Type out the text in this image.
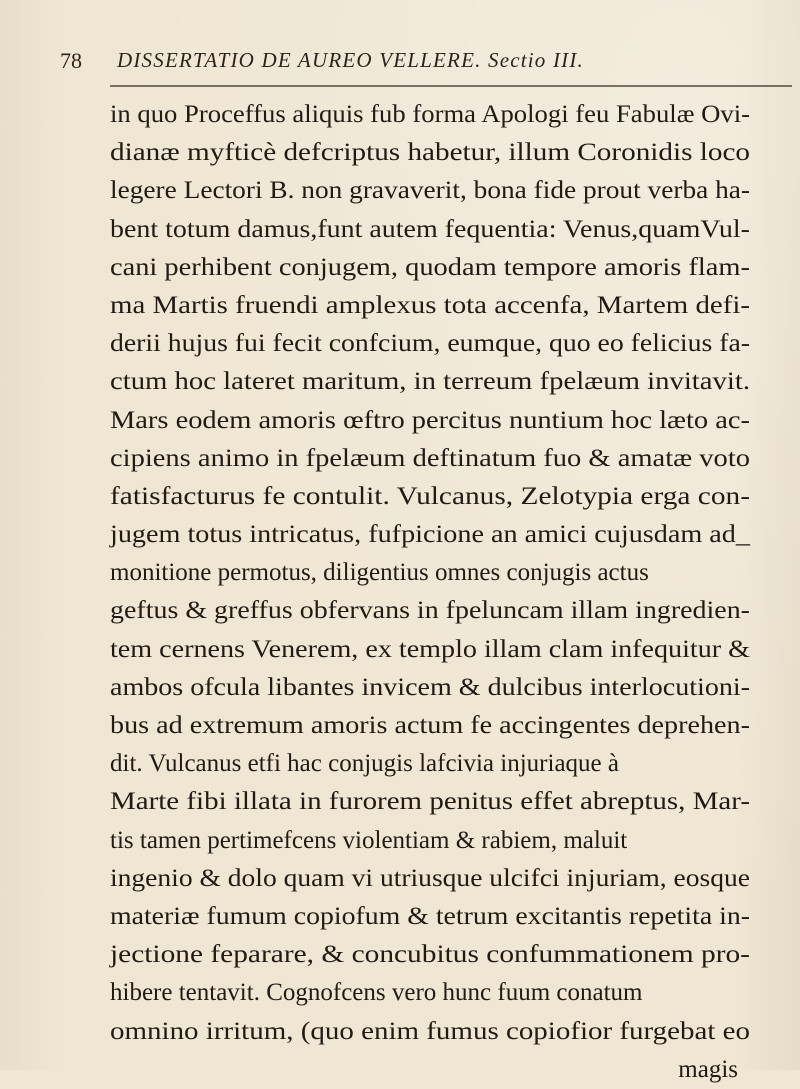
78 DISSERTATIO DE AUREO VELLERE. Sectio III.
in quo Proceffus aliquis fub forma Apologi feu Fabulæ Ovi-
dianæ myfticè defcriptus habetur, illum Coronidis loco
legere Lectori B. non gravaverit, bona fide prout verba ha-
bent totum damus,funt autem fequentia: Venus,quamVul-
cani perhibent conjugem, quodam tempore amoris flam-
ma Martis fruendi amplexus tota accenfa, Martem defi-
derii hujus fui fecit confcium, eumque, quo eo felicius fa-
ctum hoc lateret maritum, in terreum fpelæum invitavit.
Mars eodem amoris œftro percitus nuntium hoc læto ac-
cipiens animo in fpelæum deftinatum fuo & amatæ voto
fatisfacturus fe contulit. Vulcanus, Zelotypia erga con-
jugem totus intricatus, fufpicione an amici cujusdam ad_
monitione permotus, diligentius omnes conjugis actus
geftus & greffus obfervans in fpeluncam illam ingredien-
tem cernens Venerem, ex templo illam clam infequitur &
ambos ofcula libantes invicem & dulcibus interlocutioni-
bus ad extremum amoris actum fe accingentes deprehen-
dit. Vulcanus etfi hac conjugis lafcivia injuriaque à
Marte fibi illata in furorem penitus effet abreptus, Mar-
tis tamen pertimefcens violentiam & rabiem, maluit
ingenio & dolo quam vi utriusque ulcifci injuriam, eosque
materiæ fumum copiofum & tetrum excitantis repetita in-
jectione feparare, & concubitus confummationem pro-
hibere tentavit. Cognofcens vero hunc fuum conatum
omnino irritum, (quo enim fumus copiofior furgebat eo
magis
